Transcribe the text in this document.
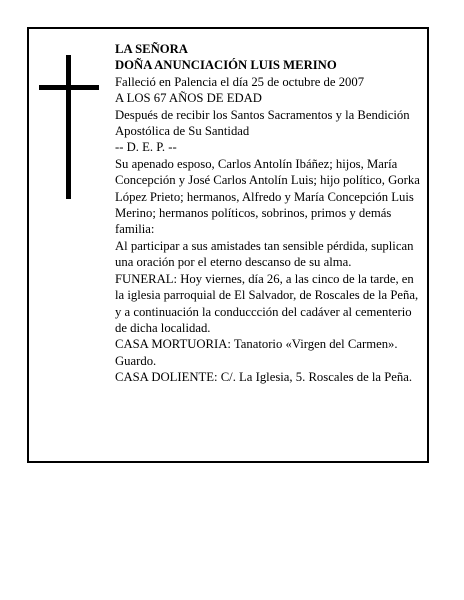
LA SEÑORA

DOÑA ANUNCIACIÓN LUIS MERINO

Falleció en Palencia el día 25 de octubre de 2007

A LOS 67 AÑOS DE EDAD

Después de recibir los Santos Sacramentos y la Bendición Apostólica de Su Santidad

-- D. E. P. --

Su apenado esposo, Carlos Antolín Ibáñez; hijos, María Concepción y José Carlos Antolín Luis; hijo político, Gorka López Prieto; hermanos, Alfredo y María Concepción Luis Merino; hermanos políticos, sobrinos, primos y demás familia:

Al participar a sus amistades tan sensible pérdida, suplican una oración por el eterno descanso de su alma.

FUNERAL: Hoy viernes, día 26, a las cinco de la tarde, en la iglesia parroquial de El Salvador, de Roscales de la Peña, y a continuación la conduccción del cadáver al cementerio de dicha localidad.

CASA MORTUORIA: Tanatorio «Virgen del Carmen». Guardo.

CASA DOLIENTE: C/. La Iglesia, 5. Roscales de la Peña.
